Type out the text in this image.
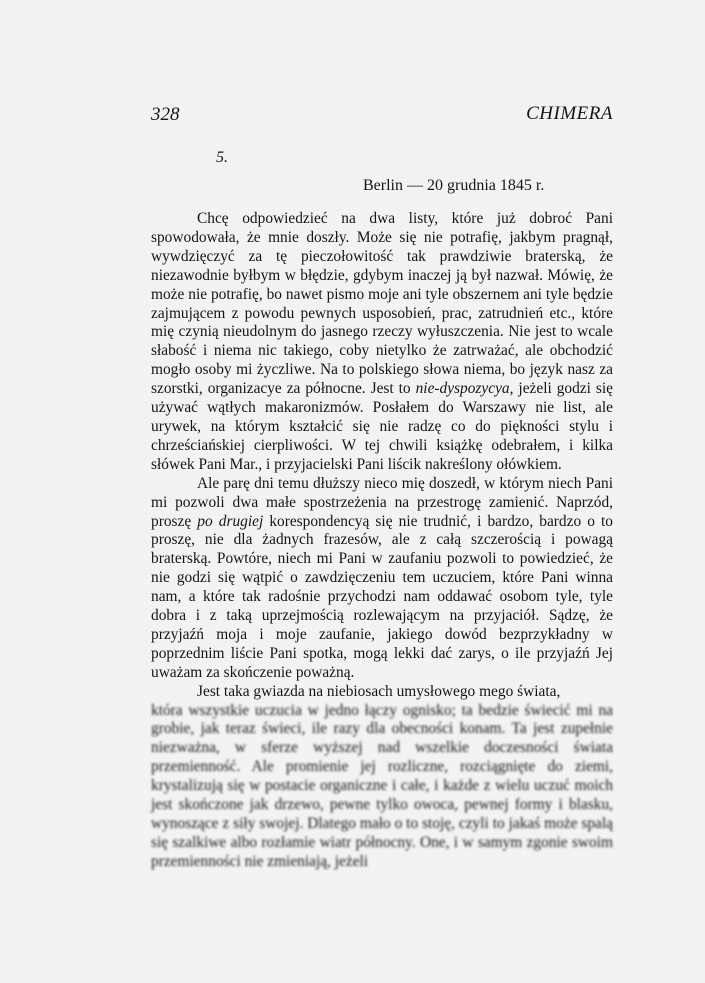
328	CHIMERA
5.
Berlin — 20 grudnia 1845 r.

Chcę odpowiedzieć na dwa listy, które już dobroć Pani spowodowała, że mnie doszły. Może się nie potrafię, jakbym pragnął, wywdzięczyć za tę pieczołowitość tak prawdziwie braterską, że niezawodnie byłbym w błędzie, gdybym inaczej ją był nazwał. Mówię, że może nie potrafię, bo nawet pismo moje ani tyle obszernem ani tyle będzie zajmującem z powodu pewnych usposobień, prac, zatrudnień etc., które mię czynią nieudolnym do jasnego rzeczy wyłuszczenia. Nie jest to wcale słabość i niema nic takiego, coby nietylko że zatrważać, ale obchodzić mogło osoby mi życzliwe. Na to polskiego słowa niema, bo język nasz za szorstki, organizacye za północne. Jest to nie-dyspozycya, jeżeli godzi się używać wątłych makaronizmów. Posłałem do Warszawy nie list, ale urywek, na którym kształcić się nie radzę co do piękności stylu i chrześciańskiej cierpliwości. W tej chwili książkę odebrałem, i kilka słówek Pani Mar., i przyjacielski Pani liścik nakreślony ołówkiem.

Ale parę dni temu dłuższy nieco mię doszedł, w którym niech Pani mi pozwoli dwa małe spostrzeżenia na przestrogę zamienić. Naprzód, proszę po drugiej korespondencyą się nie trudnić, i bardzo, bardzo o to proszę, nie dla żadnych frazesów, ale z całą szczerością i powagą braterską. Powtóre, niech mi Pani w zaufaniu pozwoli to powiedzieć, że nie godzi się wątpić o zawdzięczeniu tem uczuciem, które Pani winna nam, a które tak radośnie przychodzi nam oddawać osobom tyle, tyle dobra i z taką uprzejmością rozlewającym na przyjaciół. Sądzę, że przyjaźń moja i moje zaufanie, jakiego dowód bezprzykładny w poprzednim liście Pani spotka, mogą lekki dać zarys, o ile przyjaźń Jej uważam za skończenie poważną.

Jest taka gwiazda na niebiosach umysłowego mego świata,

która wszystkie uczucia w jedno łączy ognisko; ta bedzie świecić mi na grobie, jak teraz świeci, ile razy dla obecności konam. Ta jest zupełnie niezważna, w sferze wyższej nad wszelkie doczesności świata przemienność. Ale promienie jej rozliczne, rozciągnięte do ziemi, krystalizują się w postacie organiczne i całe, i każde z wielu uczuć moich jest skończone jak drzewo, pewne tylko owoca, pewnej formy i blasku, wynoszące z siły swojej. Dlatego mało o to stoję, czyli to jakaś może spalą się szalkiwe albo rozłamie wiatr północny. One, i w samym zgonie swoim przemienności nie zmieniają, jeżeli
